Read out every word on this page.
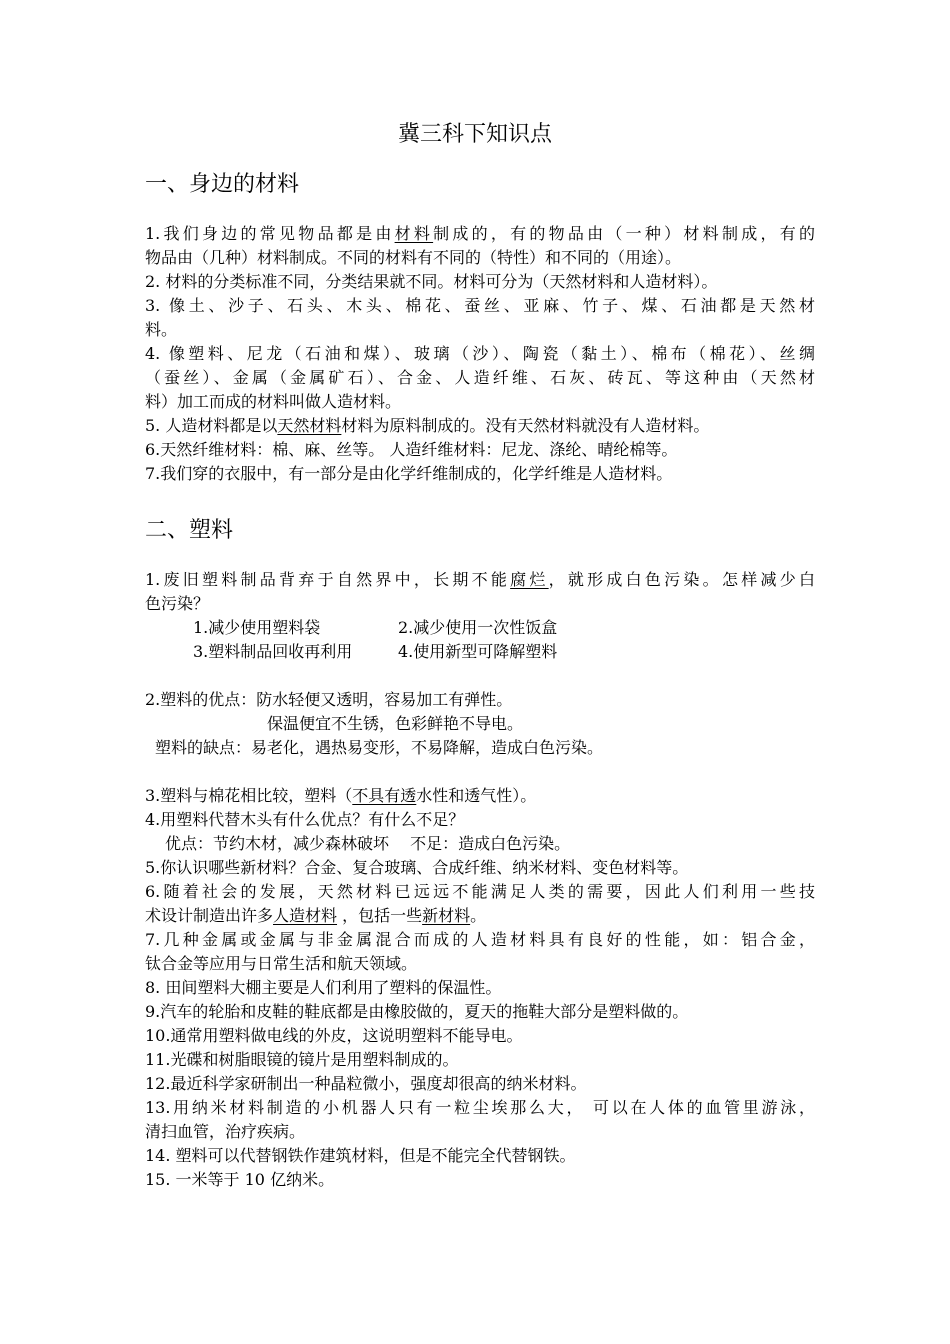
冀三科下知识点
一、身边的材料
1.我们身边的常见物品都是由材料制成的，有的物品由（一种）材料制成，有的
物品由（几种）材料制成。不同的材料有不同的（特性）和不同的（用途）。
2. 材料的分类标准不同，分类结果就不同。材料可分为（天然材料和人造材料）。
3. 像土、沙子、石头、木头、棉花、蚕丝、亚麻、竹子、煤、石油都是天然材
料。
4. 像塑料、尼龙（石油和煤）、玻璃（沙）、陶瓷（黏土）、棉布（棉花）、丝绸
（蚕丝）、金属（金属矿石）、合金、人造纤维、石灰、砖瓦、等这种由（天然材
料）加工而成的材料叫做人造材料。
5. 人造材料都是以天然材料材料为原料制成的。没有天然材料就没有人造材料。
6.天然纤维材料：棉、麻、丝等。 人造纤维材料：尼龙、涤纶、晴纶棉等。
7.我们穿的衣服中，有一部分是由化学纤维制成的，化学纤维是人造材料。
二、塑料
1.废旧塑料制品背弃于自然界中，长期不能腐烂，就形成白色污染。怎样减少白
色污染？
1.减少使用塑料袋	2.减少使用一次性饭盒
3.塑料制品回收再利用	4.使用新型可降解塑料
2.塑料的优点：防水轻便又透明，容易加工有弹性。
保温便宜不生锈，色彩鲜艳不导电。
塑料的缺点：易老化，遇热易变形，不易降解，造成白色污染。
3.塑料与棉花相比较，塑料（不具有透水性和透气性）。
4.用塑料代替木头有什么优点？有什么不足？
优点：节约木材，减少森林破坏　 不足：造成白色污染。
5.你认识哪些新材料？合金、复合玻璃、合成纤维、纳米材料、变色材料等。
6.随着社会的发展，天然材料已远远不能满足人类的需要，因此人们利用一些技
术设计制造出许多人造材料 ，包括一些新材料。
7.几种金属或金属与非金属混合而成的人造材料具有良好的性能，如：铝合金，
钛合金等应用与日常生活和航天领域。
8. 田间塑料大棚主要是人们利用了塑料的保温性。
9.汽车的轮胎和皮鞋的鞋底都是由橡胶做的，夏天的拖鞋大部分是塑料做的。
10.通常用塑料做电线的外皮，这说明塑料不能导电。
11.光碟和树脂眼镜的镜片是用塑料制成的。
12.最近科学家研制出一种晶粒微小，强度却很高的纳米材料。
13.用纳米材料制造的小机器人只有一粒尘埃那么大， 可以在人体的血管里游泳，
清扫血管，治疗疾病。
14. 塑料可以代替钢铁作建筑材料，但是不能完全代替钢铁。
15. 一米等于 10 亿纳米。
